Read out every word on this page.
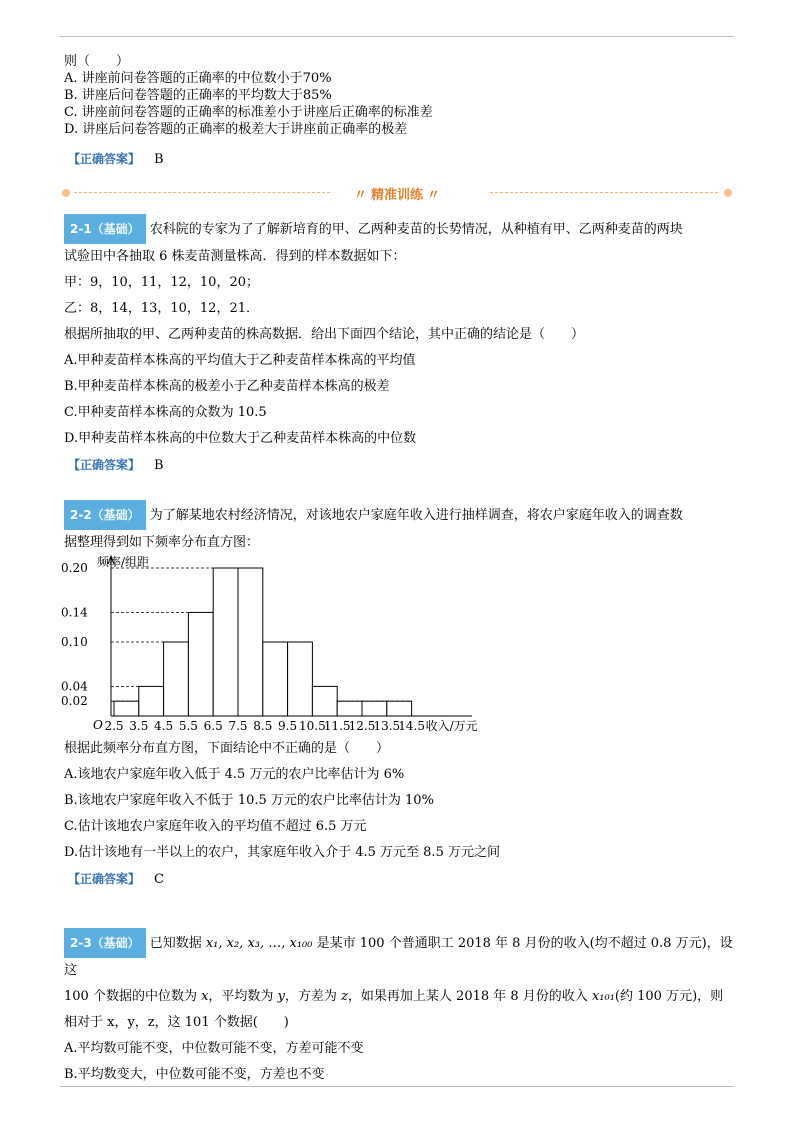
则（　　）
A. 讲座前问卷答题的正确率的中位数小于70%
B. 讲座后问卷答题的正确率的平均数大于85%
C. 讲座前问卷答题的正确率的标准差小于讲座后正确率的标准差
D. 讲座后问卷答题的正确率的极差大于讲座前正确率的极差
【正确答案】 B
〃 精准训练 〃
2-1（基础） 农科院的专家为了了解新培育的甲、乙两种麦苗的长势情况，从种植有甲、乙两种麦苗的两块
试验田中各抽取 6 株麦苗测量株高．得到的样本数据如下：
甲：9，10，11，12，10，20；
乙：8，14，13，10，12，21．
根据所抽取的甲、乙两种麦苗的株高数据．给出下面四个结论，其中正确的结论是（　　）
A.甲种麦苗样本株高的平均值大于乙种麦苗样本株高的平均值
B.甲种麦苗样本株高的极差小于乙种麦苗样本株高的极差
C.甲种麦苗样本株高的众数为 10.5
D.甲种麦苗样本株高的中位数大于乙种麦苗样本株高的中位数
【正确答案】 B
2-2（基础） 为了解某地农村经济情况，对该地农户家庭年收入进行抽样调查，将农户家庭年收入的调查数
据整理得到如下频率分布直方图：
0.02
0.04
0.10
0.14
0.20 频率/组距
O 2.5 3.5 4.5 5.5 6.5 7.5 8.5 9.5 10.5
11.5
12.5
13.5
14.5 收入/万元
根据此频率分布直方图，下面结论中不正确的是（　　）
A.该地农户家庭年收入低于 4.5 万元的农户比率估计为 6%
B.该地农户家庭年收入不低于 10.5 万元的农户比率估计为 10%
C.估计该地农户家庭年收入的平均值不超过 6.5 万元
D.估计该地有一半以上的农户，其家庭年收入介于 4.5 万元至 8.5 万元之间
【正确答案】 C
2-3（基础） 已知数据 x₁, x₂, x₃, …, x₁₀₀ 是某市 100 个普通职工 2018 年 8 月份的收入(均不超过 0.8 万元)，设这
100 个数据的中位数为 x，平均数为 y，方差为 z，如果再加上某人 2018 年 8 月份的收入 x₁₀₁(约 100 万元)，则
相对于 x，y，z，这 101 个数据(　　)
A.平均数可能不变，中位数可能不变，方差可能不变
B.平均数变大，中位数可能不变，方差也不变
